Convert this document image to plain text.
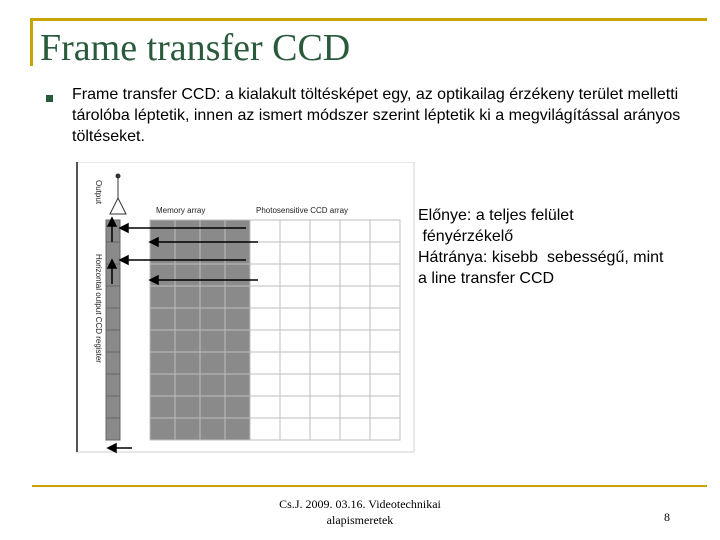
Frame transfer CCD
Frame transfer CCD: a kialakult töltésképet egy, az optikailag érzékeny terület melletti tárolóba léptetik, innen az ismert módszer szerint léptetik ki a megvilágítással arányos töltéseket.
Memory array	Photosensitive CCD array
Output
Horizontal output CCD register
Előnye: a teljes felület
fényérzékelő
Hátránya: kisebb  sebességű, mint
a line transfer CCD
Cs.J. 2009. 03.16. Videotechnikai
alapismeretek	8
